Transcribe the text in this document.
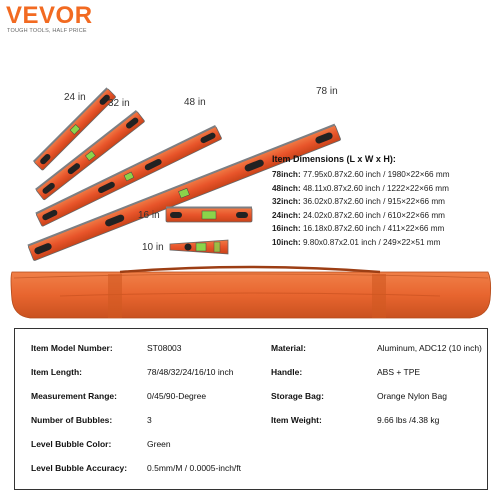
VEVOR
TOUGH TOOLS, HALF PRICE
24 in
32 in	48 in
78 in
16 in
10 in
Item Dimensions (L x W x H):
78inch: 77.95x0.87x2.60 inch / 1980×22×66 mm
48inch: 48.11x0.87x2.60 inch / 1222×22×66 mm
32inch: 36.02x0.87x2.60 inch / 915×22×66 mm
24inch: 24.02x0.87x2.60 inch / 610×22×66 mm
16inch: 16.18x0.87x2.60 inch / 411×22×66 mm
10inch: 9.80x0.87x2.01 inch / 249×22×51 mm
Item Model Number:
Item Length:
Measurement Range:
Number of Bubbles:
Level Bubble Color:
Level Bubble Accuracy:
ST08003
78/48/32/24/16/10 inch
0/45/90-Degree
3
Green
0.5mm/M / 0.0005-inch/ft
Material:
Handle:
Storage Bag:
Item Weight:
Aluminum, ADC12 (10 inch)
ABS + TPE
Orange Nylon Bag
9.66 lbs /4.38 kg
